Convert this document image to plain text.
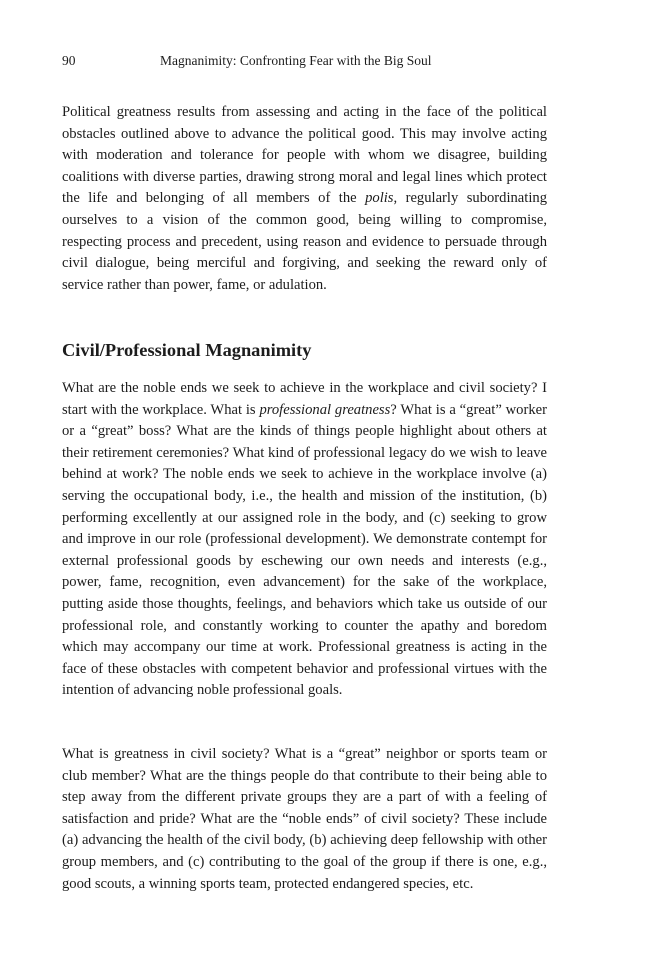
90	Magnanimity: Confronting Fear with the Big Soul

Political greatness results from assessing and acting in the face of the political obstacles outlined above to advance the political good. This may involve acting with moderation and tolerance for people with whom we disagree, building coalitions with diverse parties, drawing strong moral and legal lines which protect the life and belonging of all members of the polis, regularly subordinating ourselves to a vision of the common good, being willing to compromise, respecting process and precedent, using reason and evidence to persuade through civil dialogue, being merciful and forgiving, and seeking the reward only of service rather than power, fame, or adulation.

Civil/Professional Magnanimity

What are the noble ends we seek to achieve in the workplace and civil society? I start with the workplace. What is professional greatness? What is a “great” worker or a “great” boss? What are the kinds of things people highlight about others at their retirement ceremonies? What kind of professional legacy do we wish to leave behind at work? The noble ends we seek to achieve in the workplace involve (a) serving the occupational body, i.e., the health and mission of the institution, (b) performing excellently at our assigned role in the body, and (c) seeking to grow and improve in our role (professional development). We demonstrate contempt for external professional goods by eschewing our own needs and interests (e.g., power, fame, recognition, even advancement) for the sake of the workplace, putting aside those thoughts, feelings, and behaviors which take us outside of our professional role, and constantly working to counter the apathy and boredom which may accompany our time at work. Professional greatness is acting in the face of these obstacles with competent behavior and professional virtues with the intention of advancing noble professional goals.

What is greatness in civil society? What is a “great” neighbor or sports team or club member? What are the things people do that contribute to their being able to step away from the different private groups they are a part of with a feeling of satisfaction and pride? What are the “noble ends” of civil society? These include (a) advancing the health of the civil body, (b) achieving deep fellowship with other group members, and (c) contributing to the goal of the group if there is one, e.g., good scouts, a winning sports team, protected endangered species, etc.
